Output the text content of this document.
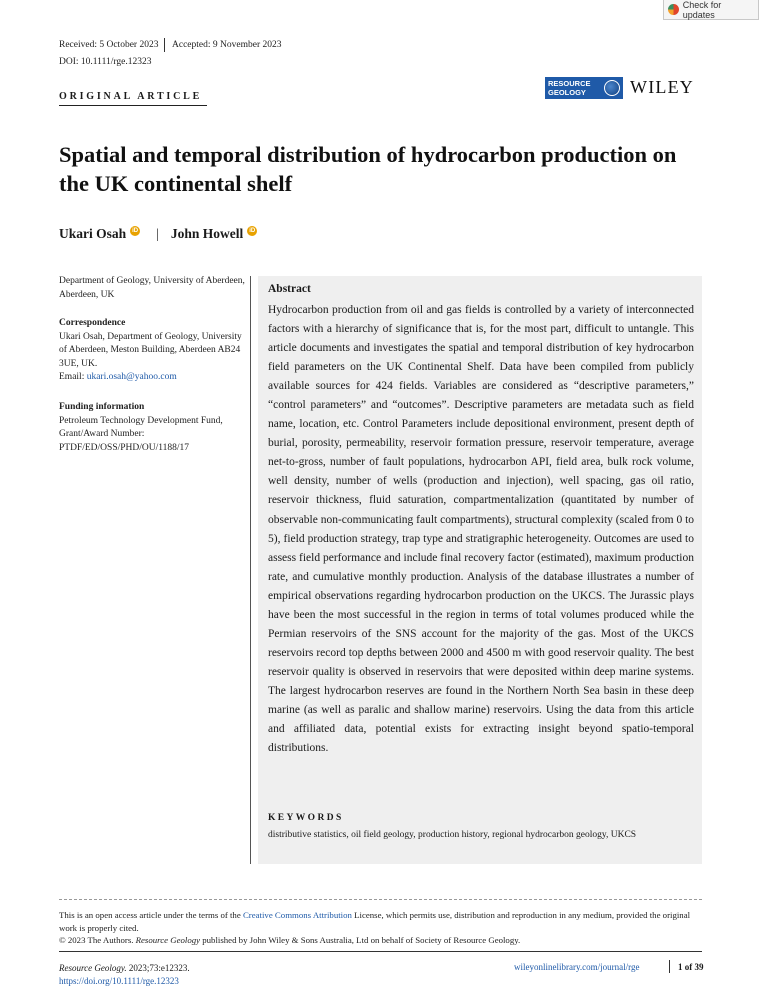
Check for updates
Received: 5 October 2023 Accepted: 9 November 2023
DOI: 10.1111/rge.12323
ORIGINAL ARTICLE
RESOURCE GEOLOGY	WILEY
Spatial and temporal distribution of hydrocarbon production on the UK continental shelf
Ukari Osah	iD | John Howell	iD
Department of Geology, University of Aberdeen, Aberdeen, UK
Correspondence
Ukari Osah, Department of Geology, University of Aberdeen, Meston Building, Aberdeen AB24 3UE, UK.
Email: ukari.osah@yahoo.com
Funding information
Petroleum Technology Development Fund, Grant/Award Number: PTDF/ED/OSS/PHD/OU/1188/17
Abstract
Hydrocarbon production from oil and gas fields is controlled by a variety of interconnected factors with a hierarchy of significance that is, for the most part, difficult to untangle. This article documents and investigates the spatial and temporal distribution of key hydrocarbon field parameters on the UK Continental Shelf. Data have been compiled from publicly available sources for 424 fields. Variables are considered as “descriptive parameters,” “control parameters” and “outcomes”. Descriptive parameters are metadata such as field name, location, etc. Control Parameters include depositional environment, present depth of burial, porosity, permeability, reservoir formation pressure, reservoir temperature, average net-to-gross, number of fault populations, hydrocarbon API, field area, bulk rock volume, well density, number of wells (production and injection), well spacing, gas oil ratio, reservoir thickness, fluid saturation, compartmentalization (quantitated by number of observable non-communicating fault compartments), structural complexity (scaled from 0 to 5), field production strategy, trap type and stratigraphic heterogeneity. Outcomes are used to assess field performance and include final recovery factor (estimated), maximum production rate, and cumulative monthly production. Analysis of the database illustrates a number of empirical observations regarding hydrocarbon production on the UKCS. The Jurassic plays have been the most successful in the region in terms of total volumes produced while the Permian reservoirs of the SNS account for the majority of the gas. Most of the UKCS reservoirs record top depths between 2000 and 4500 m with good reservoir quality. The best reservoir quality is observed in reservoirs that were deposited within deep marine systems. The largest hydrocarbon reserves are found in the Northern North Sea basin in these deep marine (as well as paralic and shallow marine) reservoirs. Using the data from this article and affiliated data, potential exists for extracting insight beyond spatio-temporal distributions.
KEYWORDS
distributive statistics, oil field geology, production history, regional hydrocarbon geology, UKCS
This is an open access article under the terms of the Creative Commons Attribution License, which permits use, distribution and reproduction in any medium, provided the original work is properly cited.
© 2023 The Authors. Resource Geology published by John Wiley & Sons Australia, Ltd on behalf of Society of Resource Geology.
Resource Geology. 2023;73:e12323.
https://doi.org/10.1111/rge.12323
wileyonlinelibrary.com/journal/rge	1 of 39
